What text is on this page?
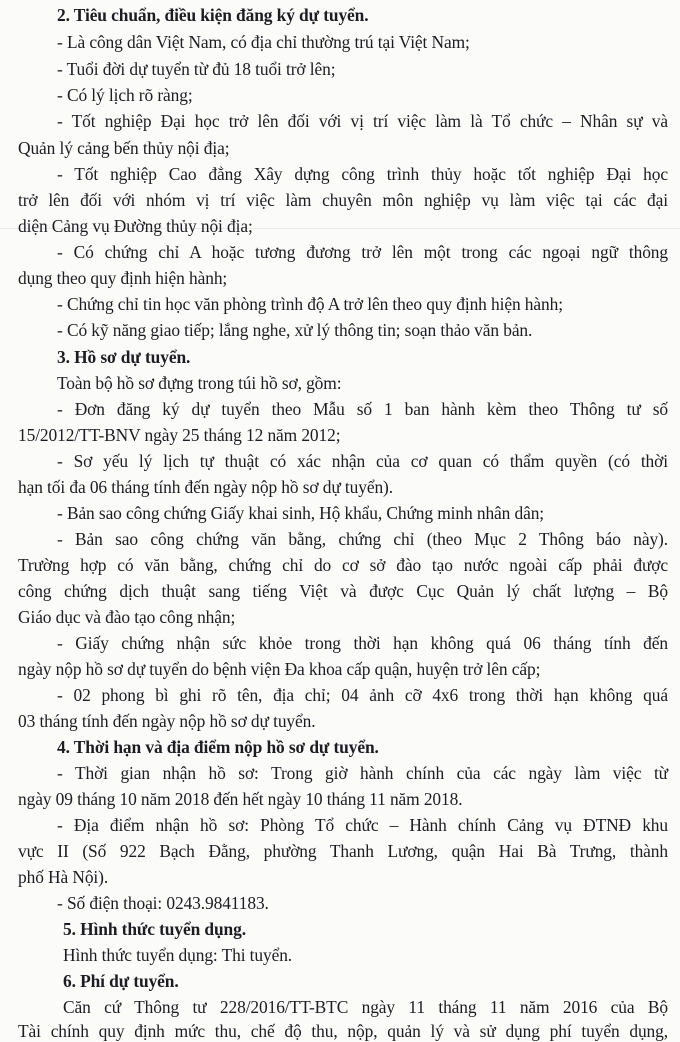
2. Tiêu chuẩn, điều kiện đăng ký dự tuyển.
- Là công dân Việt Nam, có địa chỉ thường trú tại Việt Nam;
- Tuổi đời dự tuyển từ đủ 18 tuổi trở lên;
- Có lý lịch rõ ràng;
- Tốt nghiệp Đại học trở lên đối với vị trí việc làm là Tổ chức – Nhân sự và
Quản lý cảng bến thủy nội địa;
- Tốt nghiệp Cao đẳng Xây dựng công trình thủy hoặc tốt nghiệp Đại học
trở lên đối với nhóm vị trí việc làm chuyên môn nghiệp vụ làm việc tại các đại
diện Cảng vụ Đường thủy nội địa;
- Có chứng chỉ A hoặc tương đương trở lên một trong các ngoại ngữ thông
dụng theo quy định hiện hành;
- Chứng chỉ tin học văn phòng trình độ A trở lên theo quy định hiện hành;
- Có kỹ năng giao tiếp; lắng nghe, xử lý thông tin; soạn thảo văn bản.
3. Hồ sơ dự tuyển.
Toàn bộ hồ sơ đựng trong túi hồ sơ, gồm:
- Đơn đăng ký dự tuyển theo Mẫu số 1 ban hành kèm theo Thông tư số
15/2012/TT-BNV ngày 25 tháng 12 năm 2012;
- Sơ yếu lý lịch tự thuật có xác nhận của cơ quan có thẩm quyền (có thời
hạn tối đa 06 tháng tính đến ngày nộp hồ sơ dự tuyển).
- Bản sao công chứng Giấy khai sinh, Hộ khẩu, Chứng minh nhân dân;
- Bản sao công chứng văn bằng, chứng chỉ (theo Mục 2 Thông báo này).
Trường hợp có văn bằng, chứng chỉ do cơ sở đào tạo nước ngoài cấp phải được
công chứng dịch thuật sang tiếng Việt và được Cục Quản lý chất lượng – Bộ
Giáo dục và đào tạo công nhận;
- Giấy chứng nhận sức khỏe trong thời hạn không quá 06 tháng tính đến
ngày nộp hồ sơ dự tuyển do bệnh viện Đa khoa cấp quận, huyện trở lên cấp;
- 02 phong bì ghi rõ tên, địa chỉ; 04 ảnh cỡ 4x6 trong thời hạn không quá
03 tháng tính đến ngày nộp hồ sơ dự tuyển.
4. Thời hạn và địa điểm nộp hồ sơ dự tuyển.
- Thời gian nhận hồ sơ: Trong giờ hành chính của các ngày làm việc từ
ngày 09 tháng 10 năm 2018 đến hết ngày 10 tháng 11 năm 2018.
- Địa điểm nhận hồ sơ: Phòng Tổ chức – Hành chính Cảng vụ ĐTNĐ khu
vực II (Số 922 Bạch Đằng, phường Thanh Lương, quận Hai Bà Trưng, thành
phố Hà Nội).
- Số điện thoại: 0243.9841183.
5. Hình thức tuyển dụng.
Hình thức tuyển dụng: Thi tuyển.
6. Phí dự tuyển.
Căn cứ Thông tư 228/2016/TT-BTC ngày 11 tháng 11 năm 2016 của Bộ
Tài chính quy định mức thu, chế độ thu, nộp, quản lý và sử dụng phí tuyển dụng,
